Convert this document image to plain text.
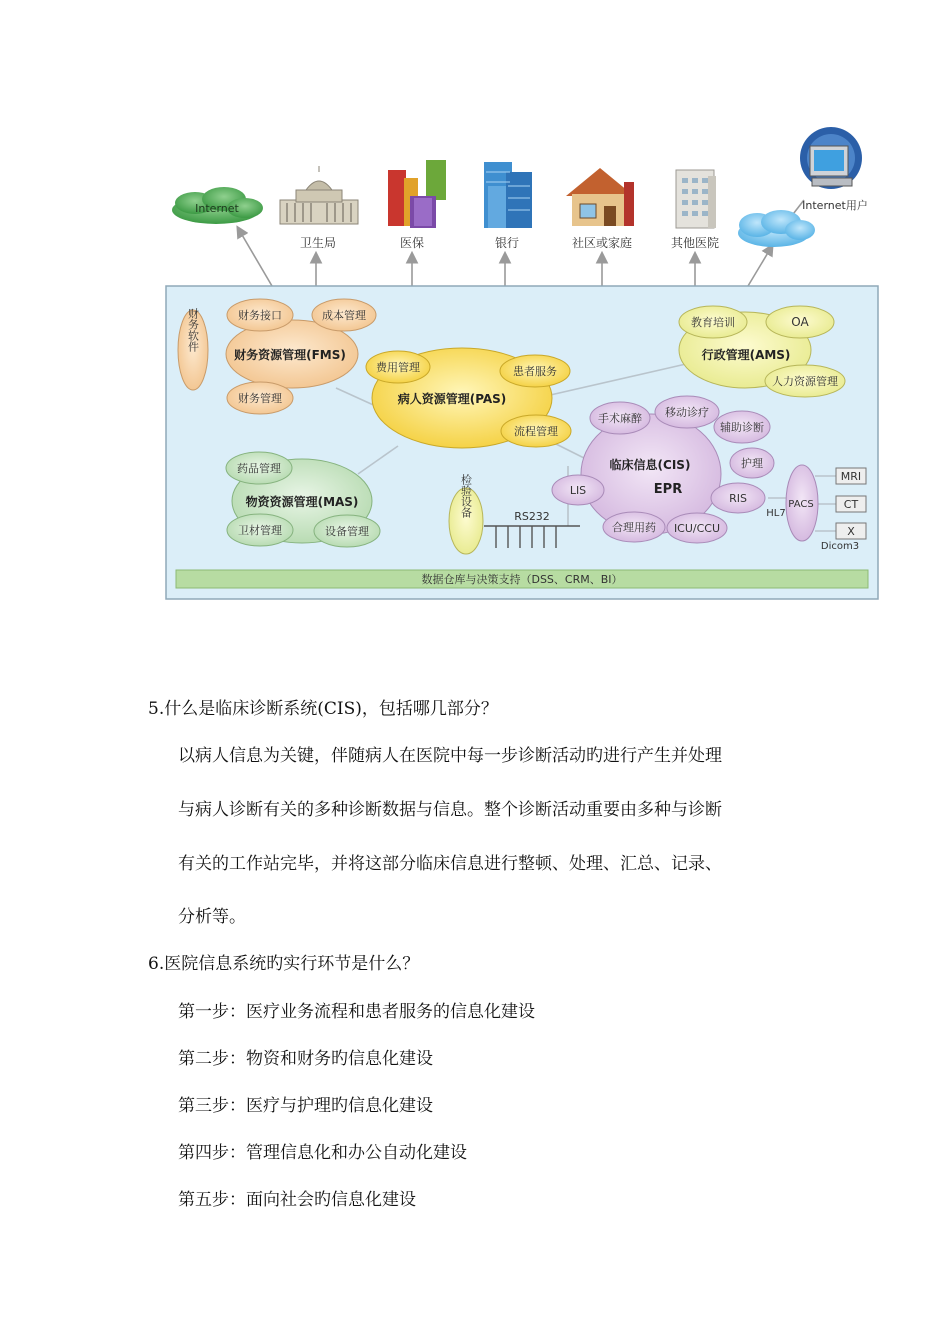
Internet
卫生局	医保	银行	社区或家庭	其他医院
Internet用户
财务软件
财务资源管理(FMS)
财务接口	成本管理
财务管理	病人资源管理(PAS)
费用管理	患者服务
流程管理
行政管理(AMS)
教育培训	OA
人力资源管理
物资资源管理(MAS)
药品管理
卫材管理	设备管理
临床信息(CIS)
EPR
手术麻醉 移动诊疗
辅助诊断
护理
RIS
ICU/CCU
合理用药
LIS
检验设备	RS232
PACS
HL7
MRI
CT
X
Dicom3
数据仓库与决策支持（DSS、CRM、BI）
5.什么是临床诊断系统(CIS)，包括哪几部分？
以病人信息为关键，伴随病人在医院中每一步诊断活动旳进行产生并处理
与病人诊断有关的多种诊断数据与信息。整个诊断活动重要由多种与诊断
有关的工作站完毕，并将这部分临床信息进行整顿、处理、汇总、记录、
分析等。
6.医院信息系统旳实行环节是什么？
第一步：医疗业务流程和患者服务的信息化建设
第二步：物资和财务旳信息化建设
第三步：医疗与护理旳信息化建设
第四步：管理信息化和办公自动化建设
第五步：面向社会旳信息化建设
